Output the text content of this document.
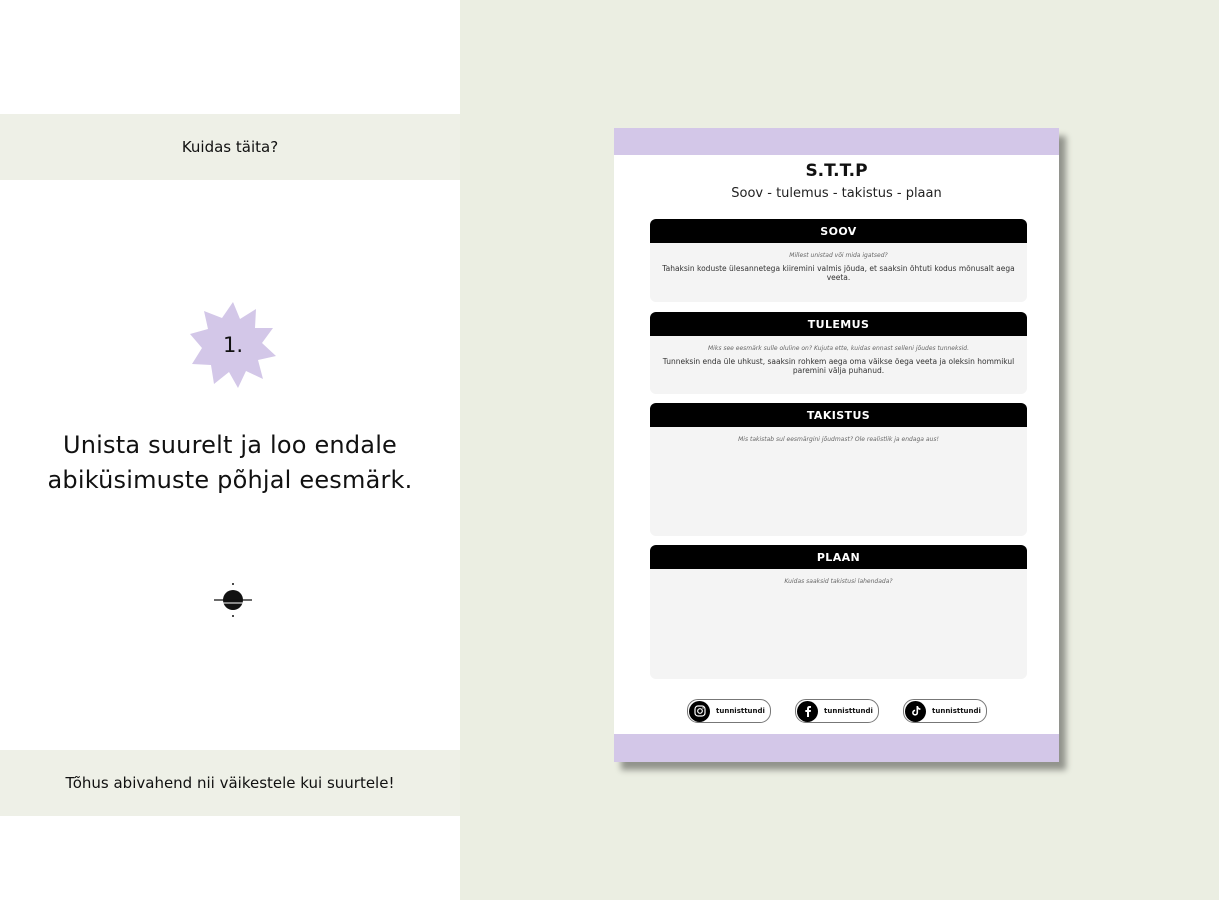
Kuidas täita?
1.
Unista suurelt ja loo endale
abiküsimuste põhjal eesmärk.
Tõhus abivahend nii väikestele kui suurtele!
S.T.T.P
Soov - tulemus - takistus - plaan
SOOV
Millest unistad või mida igatsed?
Tahaksin koduste ülesannetega kiiremini valmis jõuda, et saaksin õhtuti kodus mõnusalt aega veeta.
TULEMUS
Miks see eesmärk sulle oluline on? Kujuta ette, kuidas ennast selleni jõudes tunneksid.
Tunneksin enda üle uhkust, saaksin rohkem aega oma väikse õega veeta ja oleksin hommikul paremini välja puhanud.
TAKISTUS
Mis takistab sul eesmärgini jõudmast? Ole realistlik ja endaga aus!
PLAAN
Kuidas saaksid takistusi lahendada?
tunnisttundi	tunnisttundi	tunnisttundi
